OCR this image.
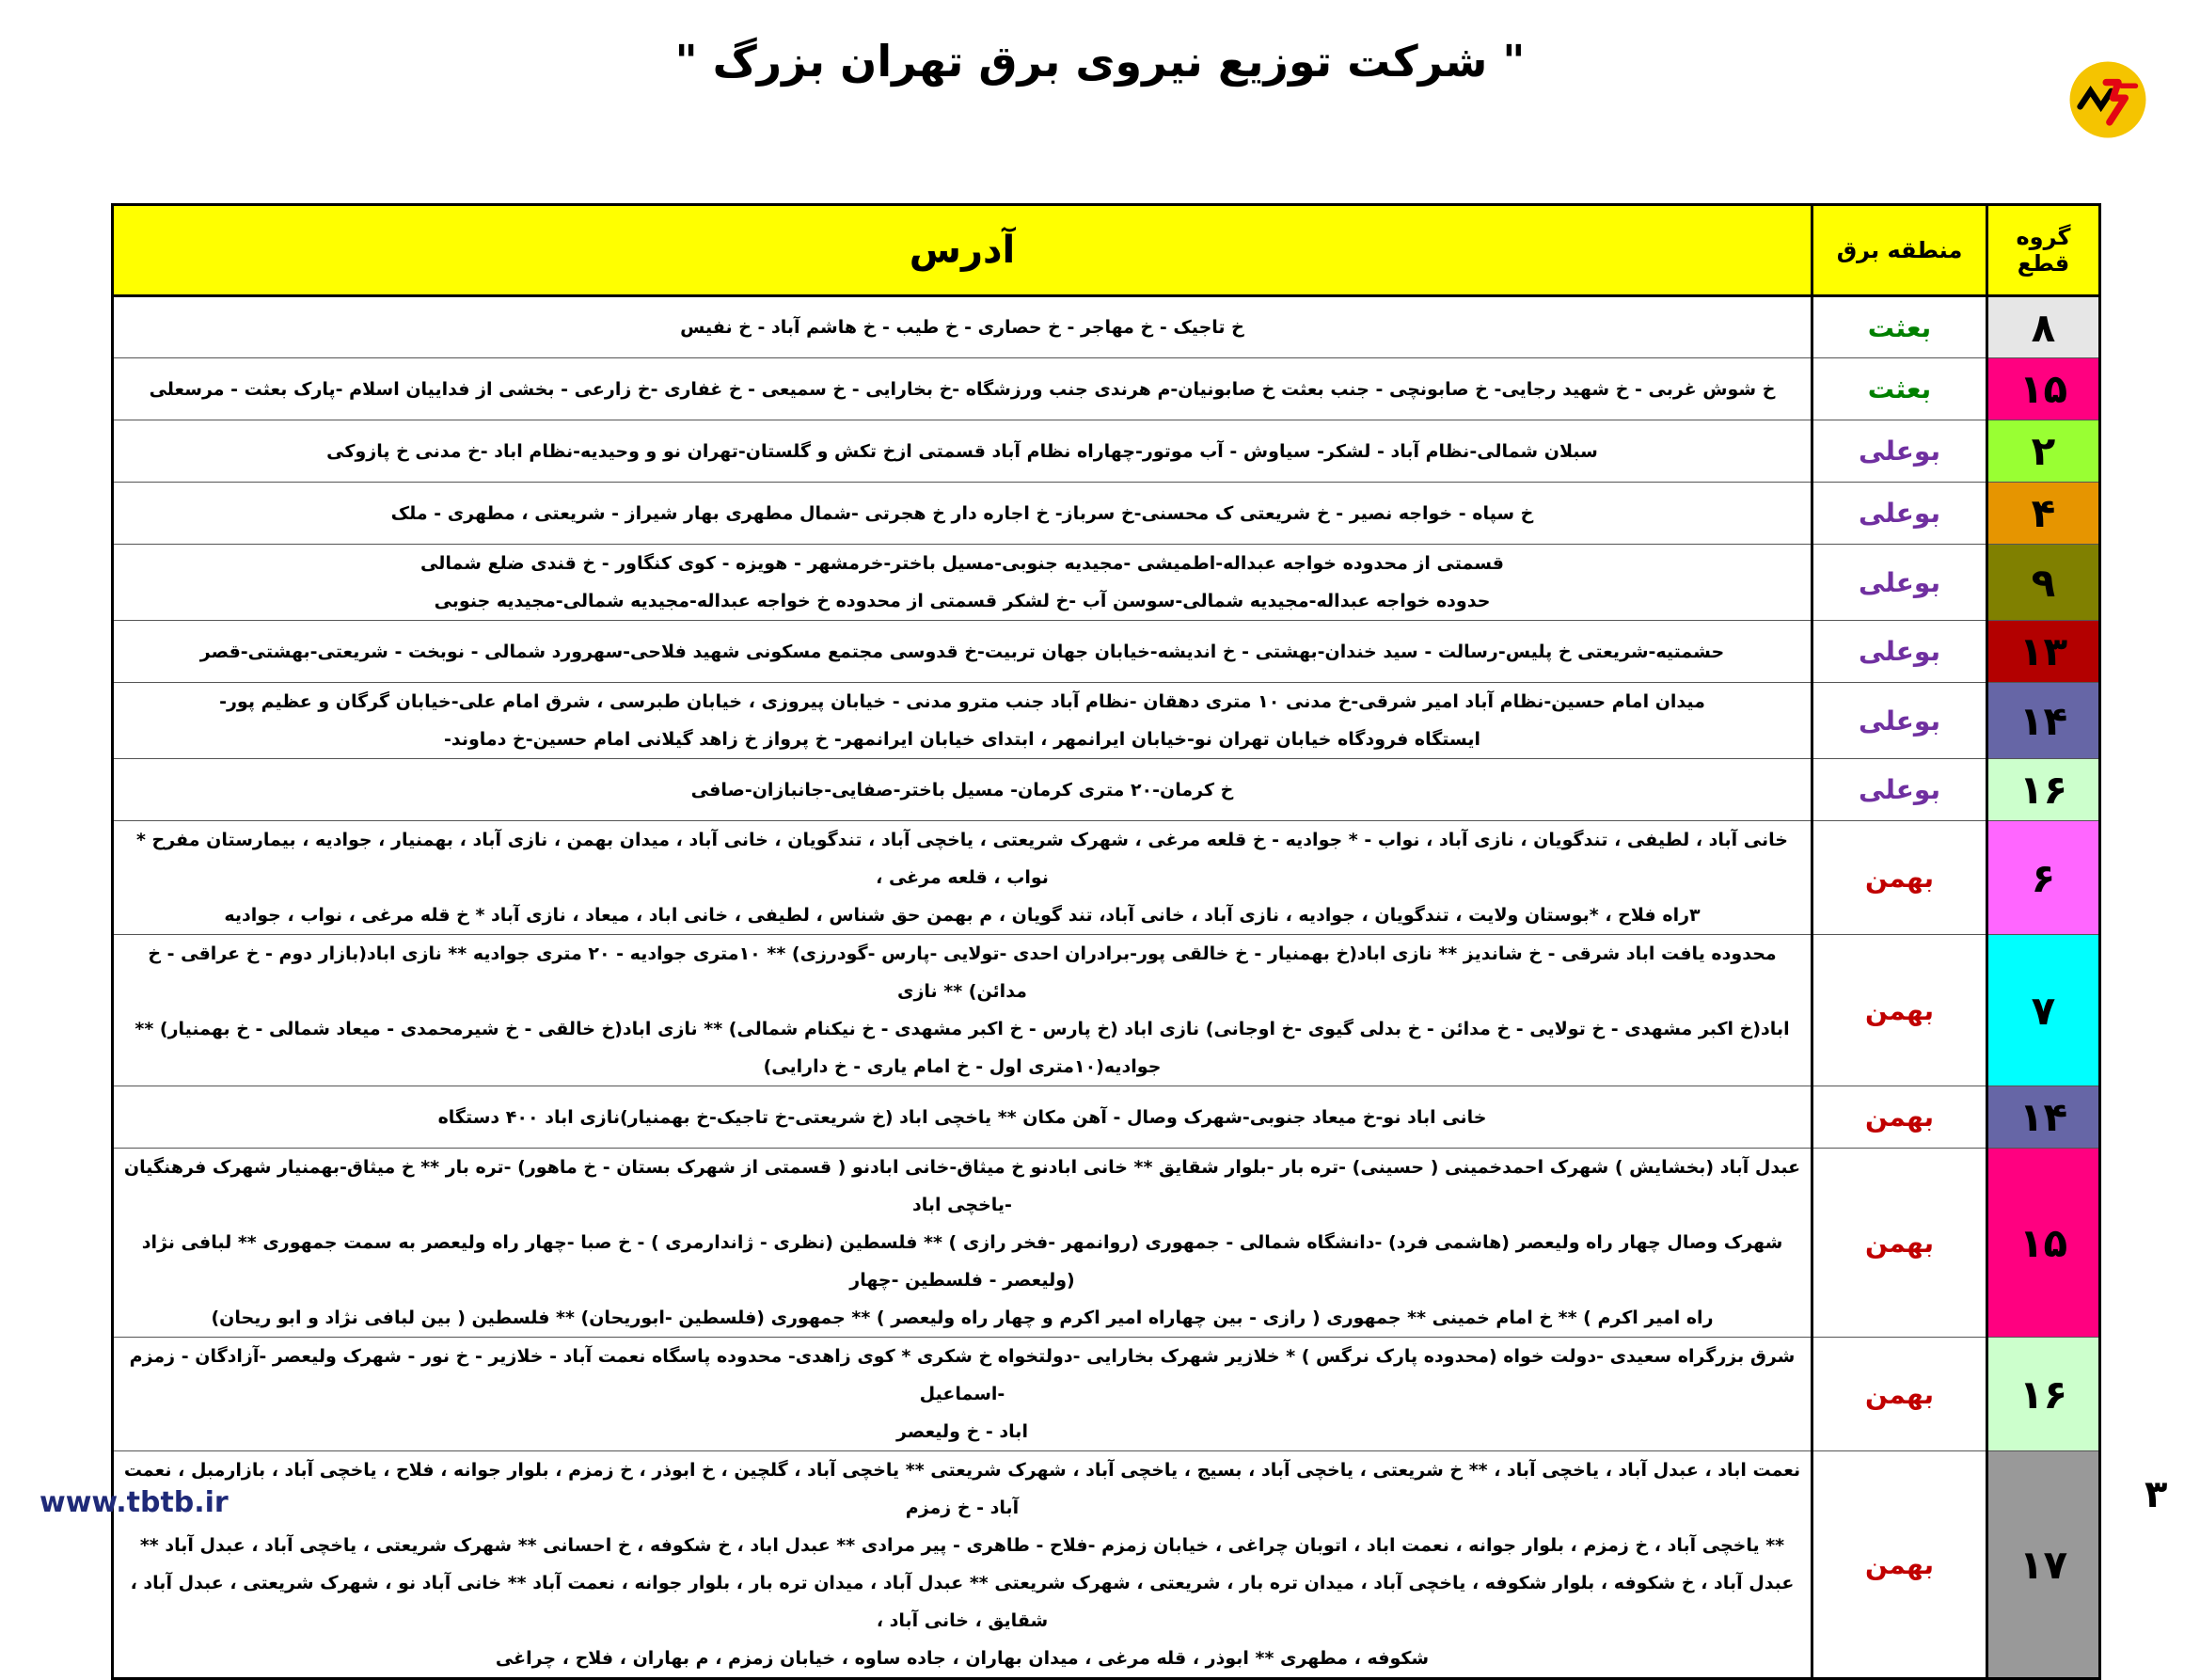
" شرکت توزیع نیروی برق تهران بزرگ "
گروه قطع	منطقه برق	آدرس
۸	بعثت	خ تاجیک - خ مهاجر - خ حصاری - خ طیب - خ هاشم آباد - خ نفیس

۱۵	بعثت	خ شوش غربی - خ شهید رجایی- خ صابونچی - جنب بعثت خ صابونیان-م هرندی جنب ورزشگاه -خ بخارایی - خ سمیعی - خ غفاری -خ زارعی - بخشی از فداییان اسلام -پارک بعثت - مرسعلی

۲	بوعلی	سبلان شمالی-نظام آباد - لشکر- سیاوش - آب موتور-چهاراه نظام آباد قسمتی ازخ تکش و گلستان-تهران نو و وحیدیه-نظام اباد -خ مدنی خ پازوکی

۴	بوعلی	خ سپاه - خواجه نصیر - خ شریعتی ک محسنی-خ سرباز- خ اجاره دار خ هجرتی -شمال مطهری بهار شیراز - شریعتی ، مطهری - ملک

۹	بوعلی	قسمتی از محدوده خواجه عبداله-اطمیشی -مجیدیه جنوبی-مسیل باختر-خرمشهر - هویزه - کوی کنگاور - خ قندی ضلع شمالی
حدوده خواجه عبداله-مجیدیه شمالی-سوسن آب -خ لشکر قسمتی از محدوده خ خواجه عبداله-مجیدیه شمالی-مجیدیه جنوبی

۱۳	بوعلی	حشمتیه-شریعتی خ پلیس-رسالت - سید خندان-بهشتی - خ اندیشه-خیابان جهان تربیت-خ قدوسی مجتمع مسکونی شهید فلاحی-سهرورد شمالی - نوبخت - شریعتی-بهشتی-قصر

۱۴	بوعلی	میدان امام حسین-نظام آباد امیر شرقی-خ مدنی ۱۰ متری دهقان -نظام آباد جنب مترو مدنی - خیابان پیروزی ، خیابان طبرسی ، شرق امام علی-خیابان گرگان و عظیم پور-
ایستگاه فرودگاه خیابان تهران نو-خیابان ایرانمهر ، ابتدای خیابان ایرانمهر- خ پرواز خ زاهد گیلانی امام حسین-خ دماوند-

۱۶	بوعلی	خ کرمان-۲۰ متری کرمان- مسیل باختر-صفایی-جانبازان-صافی

۶	بهمن	خانی آباد ، لطیفی ، تندگویان ، نازی آباد ، نواب - * جوادیه - خ قلعه مرغی ، شهرک شریعتی ، یاخچی آباد ، تندگویان ، خانی آباد ، میدان بهمن ، نازی آباد ، بهمنیار ، جوادیه ، بیمارستان مفرح * نواب ، قلعه مرغی ،
۳راه فلاح ، *بوستان ولایت ، تندگویان ، جوادیه ، نازی آباد ، خانی آباد، تند گویان ، م بهمن حق شناس ، لطیفی ، خانی اباد ، میعاد ، نازی آباد * خ قله مرغی ، نواب ، جوادیه

۷	بهمن	محدوده یافت اباد شرقی - خ شاندیز ** نازی اباد(خ بهمنیار - خ خالقی پور-برادران احدی -تولایی -پارس -گودرزی) ** ۱۰متری جوادیه - ۲۰ متری جوادیه ** نازی اباد(بازار دوم - خ عراقی - خ مدائن) ** نازی
اباد(خ اکبر مشهدی - خ تولایی - خ مدائن - خ بدلی گیوی -خ اوجانی) نازی اباد (خ پارس - خ اکبر مشهدی - خ نیکنام شمالی) ** نازی اباد(خ خالقی - خ شیرمحمدی - میعاد شمالی - خ بهمنیار) **
جوادیه(۱۰متری اول - خ امام یاری - خ دارایی)

۱۴	بهمن	خانی اباد نو-خ میعاد جنوبی-شهرک وصال - آهن مکان ** یاخچی اباد (خ شریعتی-خ تاجیک-خ بهمنیار)نازی اباد ۴۰۰ دستگاه

۱۵	بهمن	عبدل آباد (بخشایش ) شهرک احمدخمینی ( حسینی) -تره بار -بلوار شقایق ** خانی ابادنو خ میثاق-خانی ابادنو ( قسمتی از شهرک بستان - خ ماهور) -تره بار ** خ میثاق-بهمنیار شهرک فرهنگیان -یاخچی اباد
شهرک وصال چهار راه ولیعصر (هاشمی فرد) -دانشگاه شمالی - جمهوری (روانمهر -فخر رازی ) ** فلسطین (نظری - ژاندارمری ) - خ صبا -چهار راه ولیعصر به سمت جمهوری ** لبافی نژاد (ولیعصر - فلسطین -چهار
راه امیر اکرم ) ** خ امام خمینی ** جمهوری ( رازی - بین چهاراه امیر اکرم و چهار راه ولیعصر ) ** جمهوری (فلسطین -ابوریحان) ** فلسطین ( بین لبافی نژاد و ابو ریحان)

۱۶	بهمن	شرق بزرگراه سعیدی -دولت خواه (محدوده پارک نرگس ) * خلازیر شهرک بخارایی -دولتخواه خ شکری * کوی زاهدی- محدوده پاسگاه نعمت آباد - خلازیر - خ نور - شهرک ولیعصر -آزادگان - زمزم -اسماعیل
اباد - خ ولیعصر

۱۷	بهمن	نعمت اباد ، عبدل آباد ، یاخچی آباد ، ** خ شریعتی ، یاخچی آباد ، بسیج ، یاخچی آباد ، شهرک شریعتی ** یاخچی آباد ، گلچین ، خ ابوذر ، خ زمزم ، بلوار جوانه ، فلاح ، یاخچی آباد ، بازارمبل ، نعمت آباد - خ زمزم
** یاخچی آباد ، خ زمزم ، بلوار جوانه ، نعمت اباد ، اتوبان چراغی ، خیابان زمزم -فلاح - طاهری - پیر مرادی ** عبدل اباد ، خ شکوفه ، خ احسانی ** شهرک شریعتی ، یاخچی آباد ، عبدل آباد **
عبدل آباد ، خ شکوفه ، بلوار شکوفه ، یاخچی آباد ، میدان تره بار ، شریعتی ، شهرک شریعتی ** عبدل آباد ، میدان تره بار ، بلوار جوانه ، نعمت آباد ** خانی آباد نو ، شهرک شریعتی ، عبدل آباد ، شقایق ، خانی آباد ،
شکوفه ، مطهری ** ابوذر ، قله مرغی ، میدان بهاران ، جاده ساوه ، خیابان زمزم ، م بهاران ، فلاح ، چراغی
www.tbtb.ir	۳
